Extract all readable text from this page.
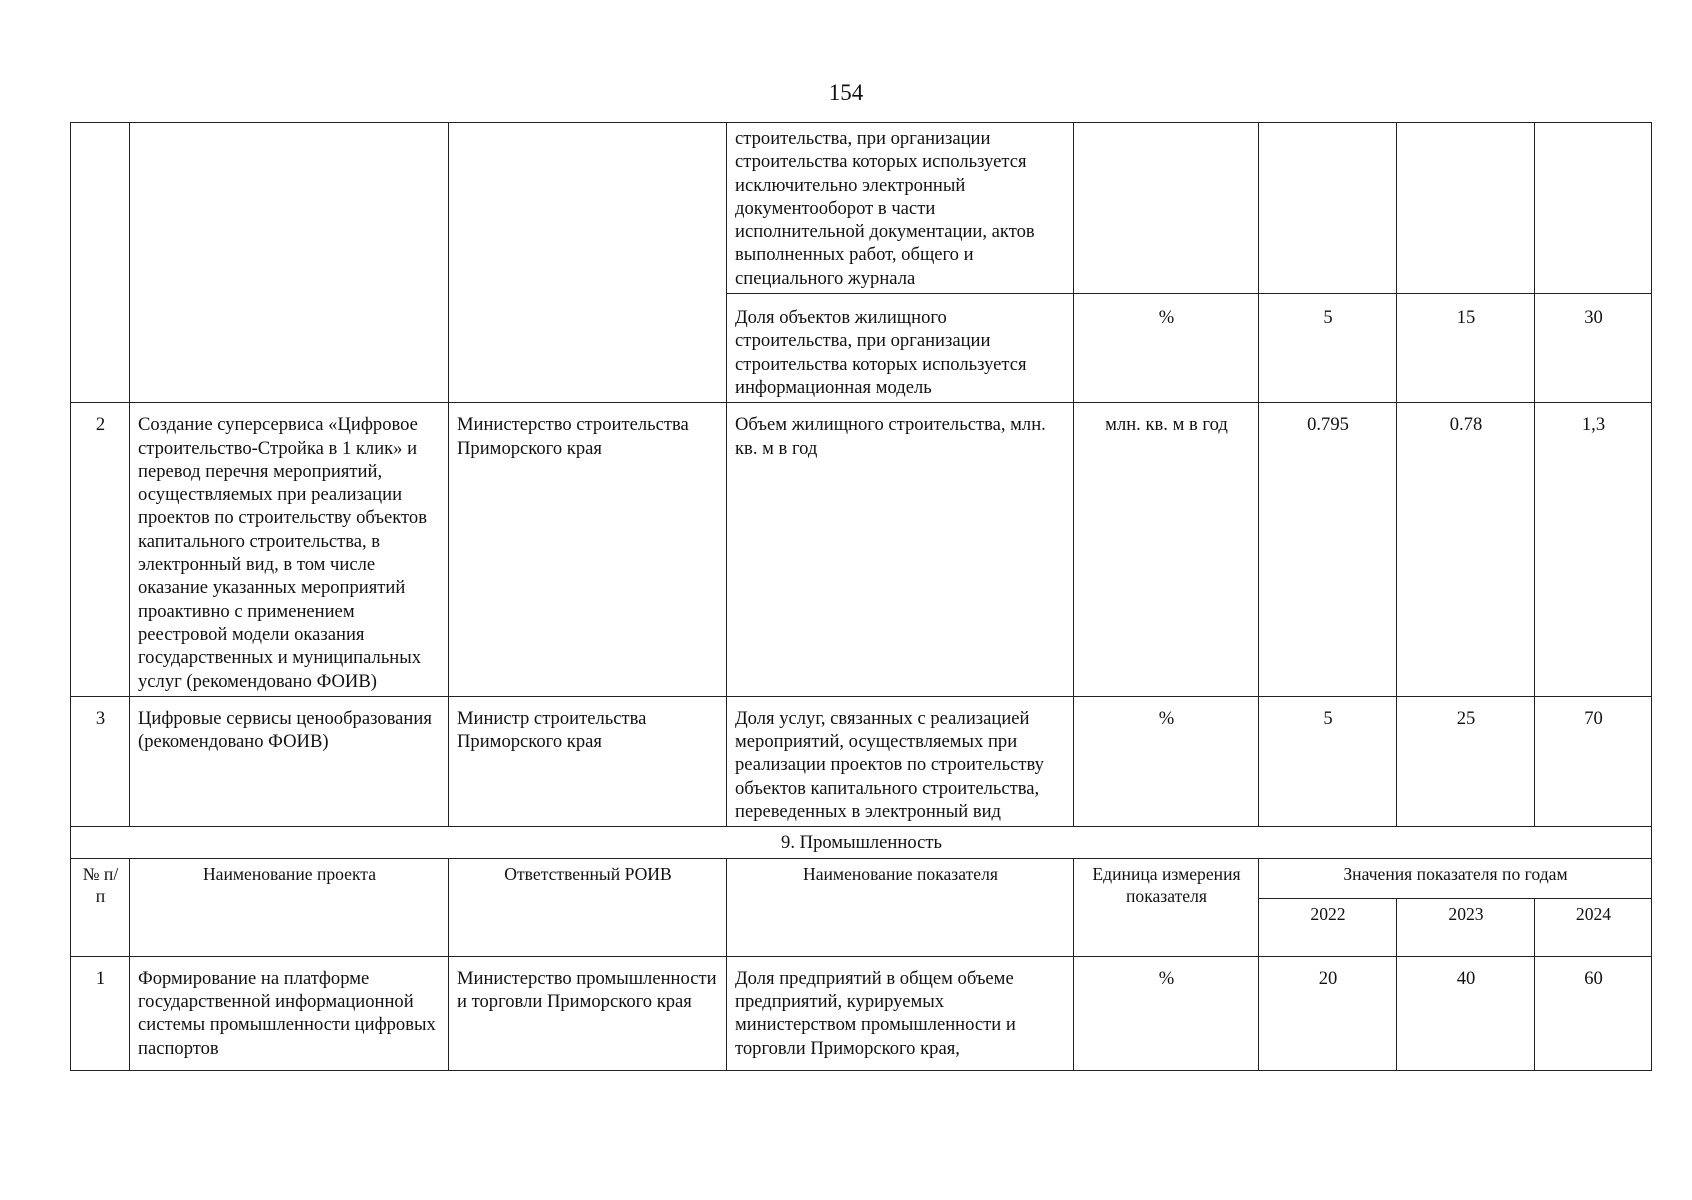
154
			строительства, при организации строительства которых используется исключительно электронный документооборот в части исполнительной документации, актов выполненных работ, общего и специального журнала				
			Доля объектов жилищного строительства, при организации строительства которых используется информационная модель	%	5	15	30
2	Создание суперсервиса «Цифровое строительство-Стройка в 1 клик» и перевод перечня мероприятий, осуществляемых при реализации проектов по строительству объектов капитального строительства, в электронный вид, в том числе оказание указанных мероприятий проактивно с применением реестровой модели оказания государственных и муниципальных услуг (рекомендовано ФОИВ)	Министерство строительства Приморского края	Объем жилищного строительства, млн. кв. м в год	млн. кв. м в год	0.795	0.78	1,3
3	Цифровые сервисы ценообразования (рекомендовано ФОИВ)	Министр строительства Приморского края	Доля услуг, связанных с реализацией мероприятий, осуществляемых при реализации проектов по строительству объектов капитального строительства, переведенных в электронный вид	%	5	25	70
9. Промышленность							
№ п/п	Наименование проекта	Ответственный РОИВ	Наименование показателя	Единица измерения показателя	Значения показателя по годам		
					2022	2023	2024
1	Формирование на платформе государственной информационной системы промышленности цифровых паспортов	Министерство промышленности и торговли Приморского края	Доля предприятий в общем объеме предприятий, курируемых министерством промышленности и торговли Приморского края,	%	20	40	60
